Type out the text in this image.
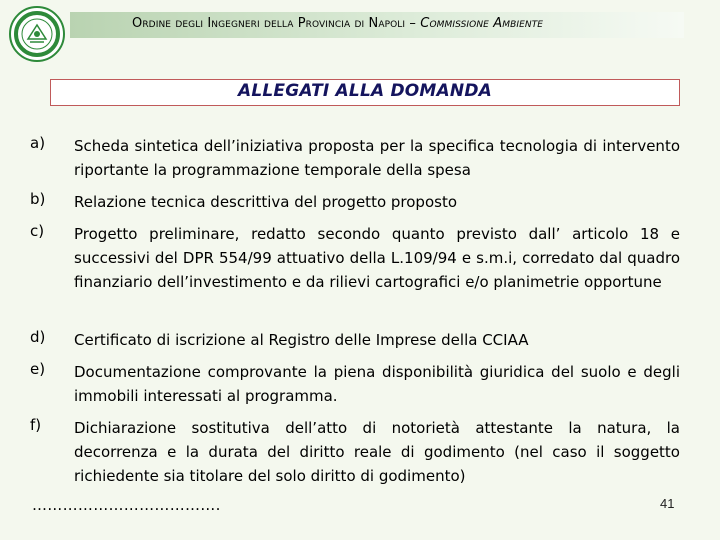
Ordine degli Ingegneri della Provincia di Napoli – Commissione Ambiente
ALLEGATI ALLA DOMANDA
a) Scheda sintetica dell’iniziativa proposta per la specifica tecnologia di intervento riportante la programmazione temporale della spesa
b) Relazione tecnica descrittiva del progetto proposto
c) Progetto preliminare, redatto secondo quanto previsto dall’ articolo 18 e successivi del DPR 554/99 attuativo della L.109/94 e s.m.i, corredato dal quadro finanziario dell’investimento e da rilievi cartografici e/o planimetrie opportune
d) Certificato di iscrizione al Registro delle Imprese della CCIAA
e) Documentazione comprovante la piena disponibilità giuridica del suolo e degli immobili interessati al programma.
f) Dichiarazione sostitutiva dell’atto di notorietà attestante la natura, la decorrenza e la durata del diritto reale di godimento (nel caso il soggetto richiedente sia titolare del solo diritto di godimento)
……………………………….	41
